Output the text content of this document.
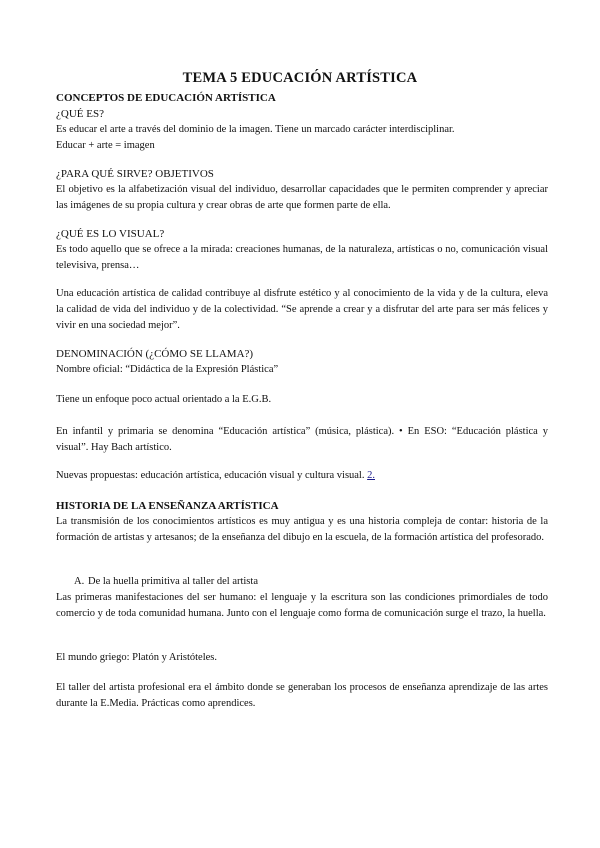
TEMA 5 EDUCACIÓN ARTÍSTICA
CONCEPTOS DE EDUCACIÓN ARTÍSTICA
¿QUÉ ES?
Es educar el arte a través del dominio de la imagen. Tiene un marcado carácter interdisciplinar.
Educar + arte = imagen
¿PARA QUÉ SIRVE? OBJETIVOS
El objetivo es la alfabetización visual del individuo, desarrollar capacidades que le permiten comprender y apreciar las imágenes de su propia cultura y crear obras de arte que formen parte de ella.
¿QUÉ ES LO VISUAL?
Es todo aquello que se ofrece a la mirada: creaciones humanas, de la naturaleza, artísticas o no, comunicación visual televisiva, prensa…
Una educación artística de calidad contribuye al disfrute estético y al conocimiento de la vida y de la cultura, eleva la calidad de vida del individuo y de la colectividad. “Se aprende a crear y a disfrutar del arte para ser más felices y vivir en una sociedad mejor”.
DENOMINACIÓN (¿CÓMO SE LLAMA?)
Nombre oficial: “Didáctica de la Expresión Plástica”
Tiene un enfoque poco actual orientado a la E.G.B.
En infantil y primaria se denomina “Educación artística” (música, plástica). • En ESO: “Educación plástica y visual”. Hay Bach artístico.
Nuevas propuestas: educación artística, educación visual y cultura visual. 2.
HISTORIA DE LA ENSEÑANZA ARTÍSTICA
La transmisión de los conocimientos artísticos es muy antigua y es una historia compleja de contar: historia de la formación de artistas y artesanos; de la enseñanza del dibujo en la escuela, de la formación artística del profesorado.
A. De la huella primitiva al taller del artista
Las primeras manifestaciones del ser humano: el lenguaje y la escritura son las condiciones primordiales de todo comercio y de toda comunidad humana. Junto con el lenguaje como forma de comunicación surge el trazo, la huella.
El mundo griego: Platón y Aristóteles.
El taller del artista profesional era el ámbito donde se generaban los procesos de enseñanza aprendizaje de las artes durante la E.Media. Prácticas como aprendices.
